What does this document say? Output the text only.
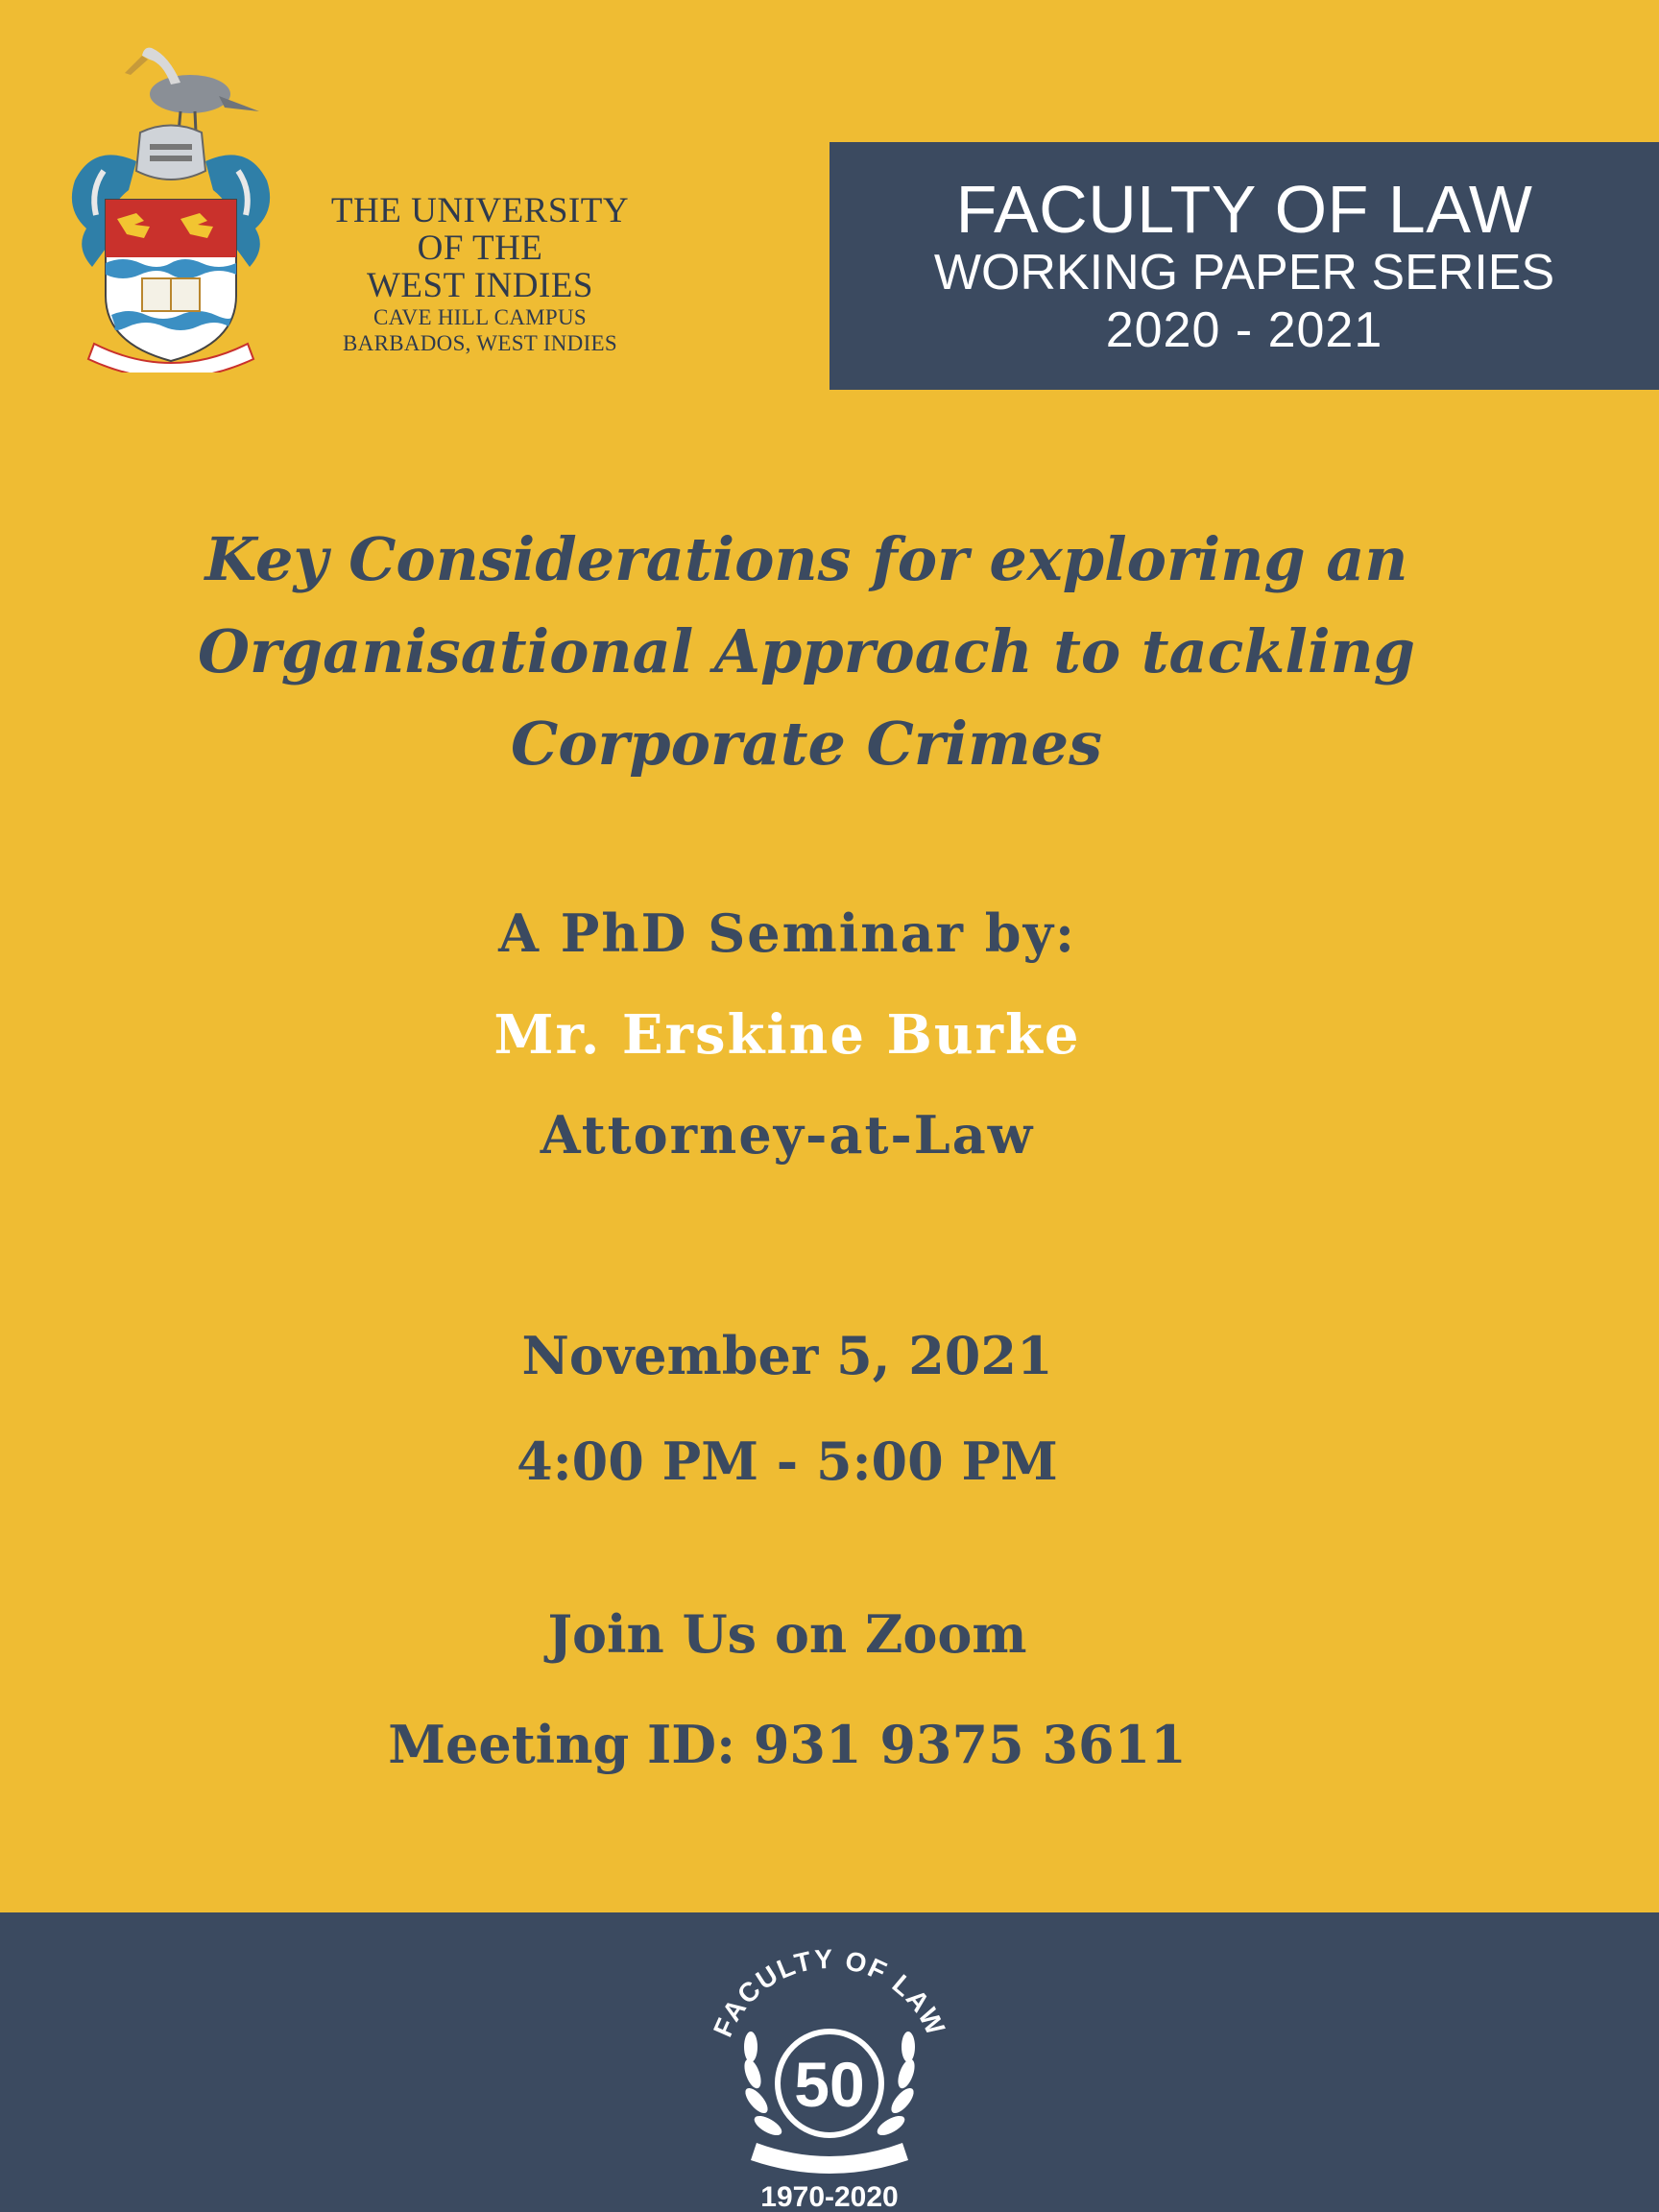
THE UNIVERSITY
OF THE
WEST INDIES
CAVE HILL CAMPUS
BARBADOS, WEST INDIES
FACULTY OF LAW
WORKING PAPER SERIES
2020 - 2021
Key Considerations for exploring an
Organisational Approach to tackling
Corporate Crimes
A PhD Seminar by:
Mr. Erskine Burke
Attorney-at-Law
November 5, 2021
4:00 PM - 5:00 PM
Join Us on Zoom
Meeting ID: 931 9375 3611
FACULTY OF LAW
50
1970-2020
